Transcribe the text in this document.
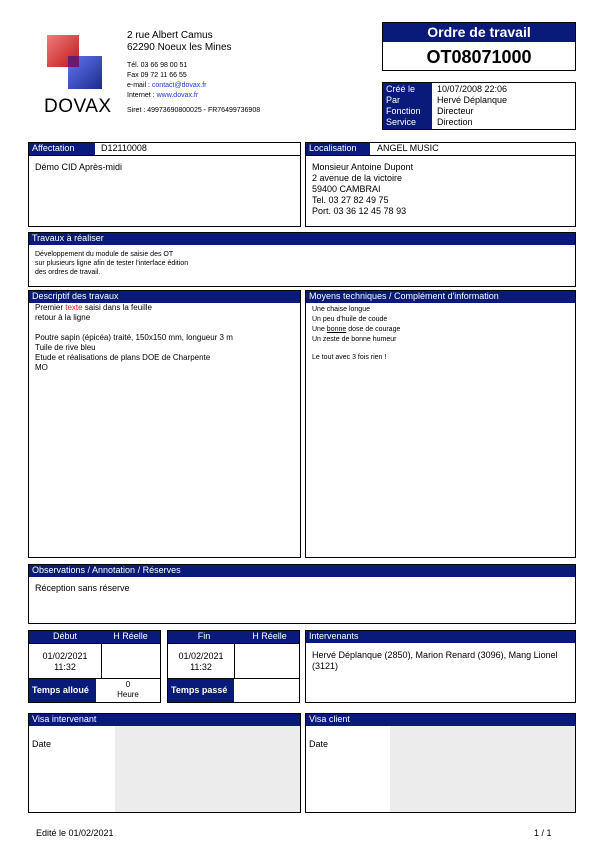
DOVAX
2 rue Albert Camus
62290 Noeux les Mines
Tél. 03 66 98 00 51
Fax 09 72 11 66 55
e-mail : contact@dovax.fr
Internet : www.dovax.fr
Siret : 49973690800025 - FR76499736908
Ordre de travail
OT08071000
Créé le 10/07/2008 22:06
Par	Hervé Déplanque
Fonction Directeur
Service Direction
Affectation	D12110008
Démo CID Après-midi
Localisation	ANGEL MUSIC
Monsieur Antoine Dupont
2 avenue de la victoire
59400 CAMBRAI
Tel. 03 27 82 49 75
Port. 03 36 12 45 78 93
Travaux à réaliser
Développement du module de saisie des OT
sur plusieurs ligne afin de tester l'interface édition
des ordres de travail.
Descriptif des travaux
Premier texte saisi dans la feuille
retour à la ligne
Poutre sapin (épicéa) traité, 150x150 mm, longueur 3 m
Tuile de rive bleu
Etude et réalisations de plans DOE de Charpente
MO
Moyens techniques / Complément d'information
Une chaise longue
Un peu d'huile de coude
Une bonne dose de courage
Un zeste de bonne humeur
Le tout avec 3 fois rien !
Observations / Annotation / Réserves
Réception sans réserve
Début	H Réelle
01/02/2021
11:32
Temps alloué
0
Heure
Fin	H Réelle
01/02/2021
11:32
Temps passé
Intervenants
Hervé Déplanque (2850), Marion Renard (3096), Mang Lionel (3121)
Visa intervenant
Date
Visa client
Date
Edité le 01/02/2021	1 / 1
